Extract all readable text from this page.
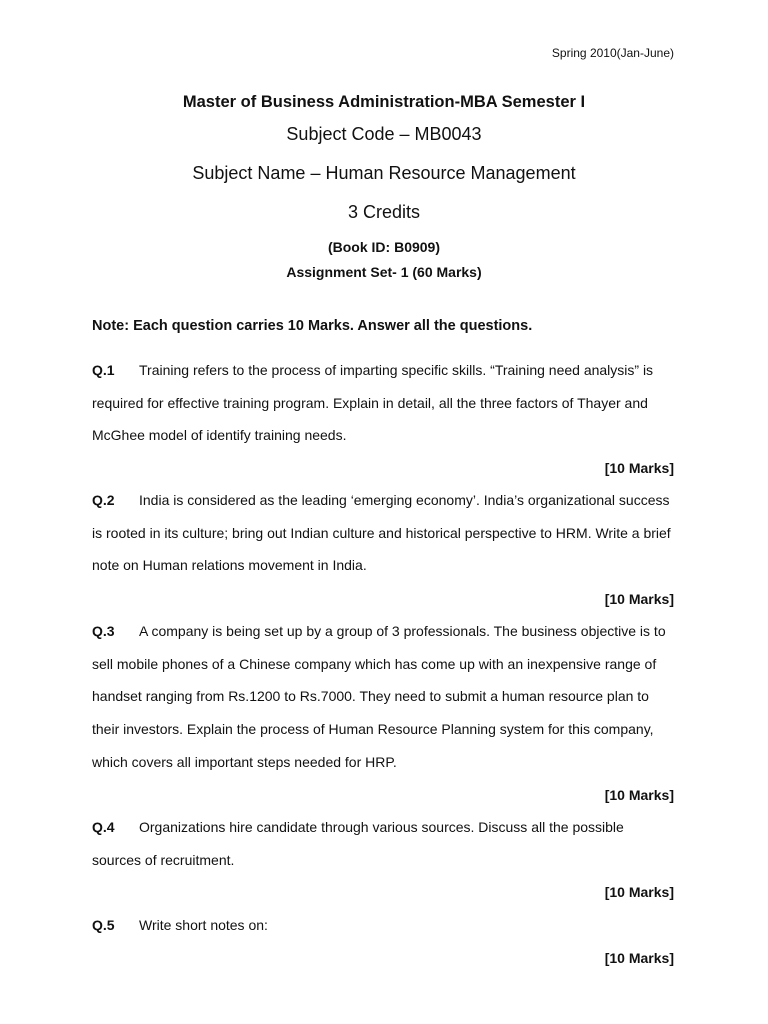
Spring 2010(Jan-June)
Master of Business Administration-MBA Semester I
Subject Code – MB0043
Subject Name – Human Resource Management
3 Credits
(Book ID: B0909)
Assignment Set- 1 (60 Marks)
Note: Each question carries 10 Marks. Answer all the questions.
Q.1 Training refers to the process of imparting specific skills. “Training need analysis” is required for effective training program. Explain in detail, all the three factors of Thayer and McGhee model of identify training needs.
[10 Marks]
Q.2 India is considered as the leading ‘emerging economy’. India’s organizational success is rooted in its culture; bring out Indian culture and historical perspective to HRM. Write a brief note on Human relations movement in India.
[10 Marks]
Q.3 A company is being set up by a group of 3 professionals. The business objective is to sell mobile phones of a Chinese company which has come up with an inexpensive range of handset ranging from Rs.1200 to Rs.7000. They need to submit a human resource plan to their investors. Explain the process of Human Resource Planning system for this company, which covers all important steps needed for HRP.
[10 Marks]
Q.4 Organizations hire candidate through various sources. Discuss all the possible sources of recruitment.
[10 Marks]
Q.5 Write short notes on:
[10 Marks]
